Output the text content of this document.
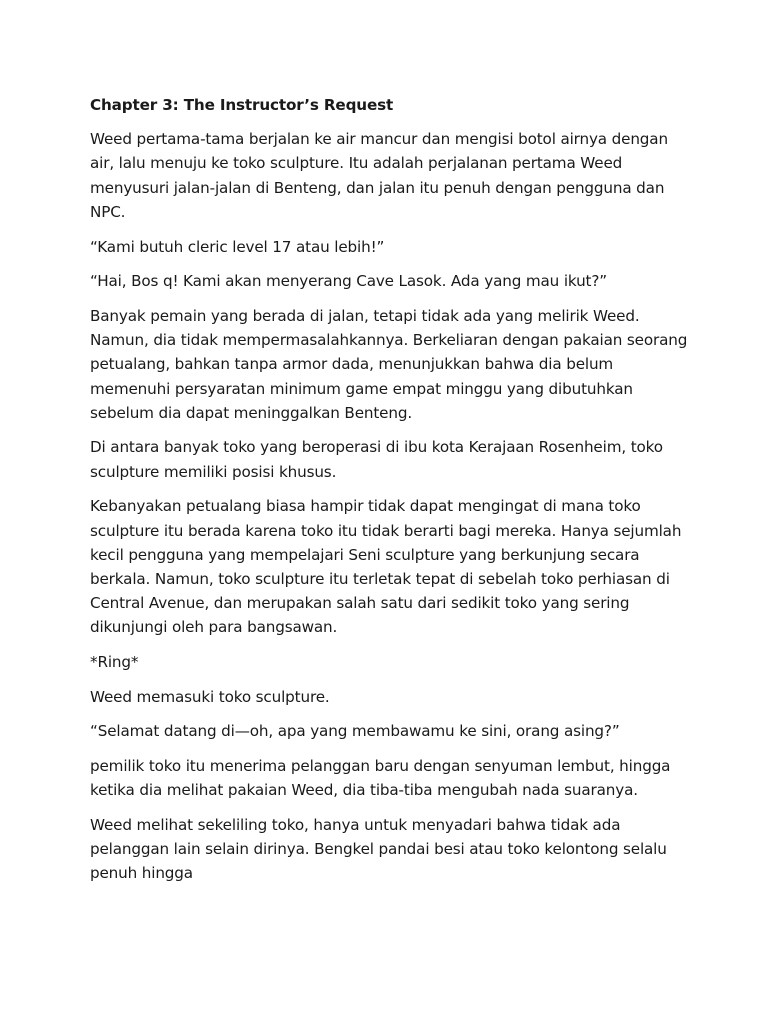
Chapter 3: The Instructor’s Request

Weed pertama-tama berjalan ke air mancur dan mengisi botol airnya dengan air, lalu menuju ke toko sculpture. Itu adalah perjalanan pertama Weed menyusuri jalan-jalan di Benteng, dan jalan itu penuh dengan pengguna dan NPC.

“Kami butuh cleric level 17 atau lebih!”

“Hai, Bos q! Kami akan menyerang Cave Lasok. Ada yang mau ikut?”

Banyak pemain yang berada di jalan, tetapi tidak ada yang melirik Weed. Namun, dia tidak mempermasalahkannya. Berkeliaran dengan pakaian seorang petualang, bahkan tanpa armor dada, menunjukkan bahwa dia belum memenuhi persyaratan minimum game empat minggu yang dibutuhkan sebelum dia dapat meninggalkan Benteng.

Di antara banyak toko yang beroperasi di ibu kota Kerajaan Rosenheim, toko sculpture memiliki posisi khusus.

Kebanyakan petualang biasa hampir tidak dapat mengingat di mana toko sculpture itu berada karena toko itu tidak berarti bagi mereka. Hanya sejumlah kecil pengguna yang mempelajari Seni sculpture yang berkunjung secara berkala. Namun, toko sculpture itu terletak tepat di sebelah toko perhiasan di Central Avenue, dan merupakan salah satu dari sedikit toko yang sering dikunjungi oleh para bangsawan.

*Ring*

Weed memasuki toko sculpture.

“Selamat datang di—oh, apa yang membawamu ke sini, orang asing?”

pemilik toko itu menerima pelanggan baru dengan senyuman lembut, hingga ketika dia melihat pakaian Weed, dia tiba-tiba mengubah nada suaranya.

Weed melihat sekeliling toko, hanya untuk menyadari bahwa tidak ada pelanggan lain selain dirinya. Bengkel pandai besi atau toko kelontong selalu penuh hingga
